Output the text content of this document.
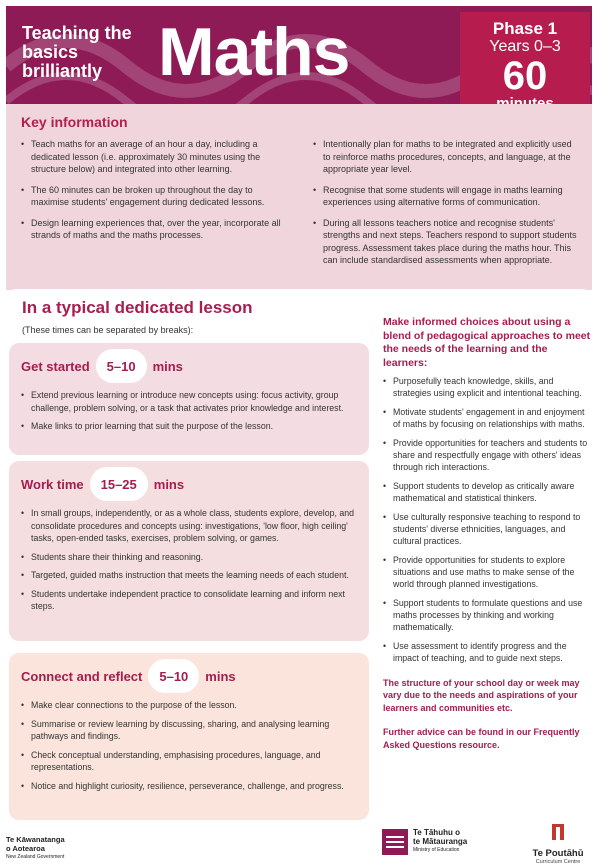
Teaching the basics brilliantly Maths	Phase 1
Years 0–3
60
Key information
• Teach maths for an average of an hour a day, including a dedicated lesson (i.e. approximately 30 minutes using the structure below) and integrated into other learning.
• The 60 minutes can be broken up throughout the day to maximise students' engagement during dedicated lessons.
• Design learning experiences that, over the year, incorporate all strands of maths and the maths processes.
• Intentionally plan for maths to be integrated and explicitly used to reinforce maths procedures, concepts, and language, at the appropriate year level.
• Recognise that some students will engage in maths learning experiences using alternative forms of communication.
• During all lessons teachers notice and recognise students' strengths and next steps. Teachers respond to support students progress. Assessment takes place during the maths hour. This can include standardised assessments when appropriate.
In a typical dedicated lesson
(These times can be separated by breaks):
Get started	5–10	mins
• Extend previous learning or introduce new concepts using: focus activity, group challenge, problem solving, or a task that activates prior knowledge and interest.
• Make links to prior learning that suit the purpose of the lesson.
Work time	15–25	mins
• In small groups, independently, or as a whole class, students explore, develop, and consolidate procedures and concepts using: investigations, 'low floor, high ceiling' tasks, open-ended tasks, exercises, problem solving, or games.
• Students share their thinking and reasoning.
• Targeted, guided maths instruction that meets the learning needs of each student.
• Students undertake independent practice to consolidate learning and inform next steps.
Connect and reflect	5–10	mins
• Make clear connections to the purpose of the lesson.
• Summarise or review learning by discussing, sharing, and analysing learning pathways and findings.
• Check conceptual understanding, emphasising procedures, language, and representations.
• Notice and highlight curiosity, resilience, perseverance, challenge, and progress.
Make informed choices about using a blend of pedagogical approaches to meet the needs of the learning and the learners:
• Purposefully teach knowledge, skills, and strategies using explicit and intentional teaching.
• Motivate students' engagement in and enjoyment of maths by focusing on relationships with maths.
• Provide opportunities for teachers and students to share and respectfully engage with others' ideas through rich interactions.
• Support students to develop as critically aware mathematical and statistical thinkers.
• Use culturally responsive teaching to respond to students' diverse ethnicities, languages, and cultural practices.
• Provide opportunities for students to explore situations and use maths to make sense of the world through planned investigations.
• Support students to formulate questions and use maths processes by thinking and working mathematically.
• Use assessment to identify progress and the impact of teaching, and to guide next steps.
The structure of your school day or week may vary due to the needs and aspirations of your learners and communities etc.
Further advice can be found in our Frequently Asked Questions resource.
Te Kāwanatanga
o Aotearoa
New Zealand Government
Te Tāhuhu o
te Mātauranga
Ministry of Education	Te Poutāhū
Curriculum Centre
